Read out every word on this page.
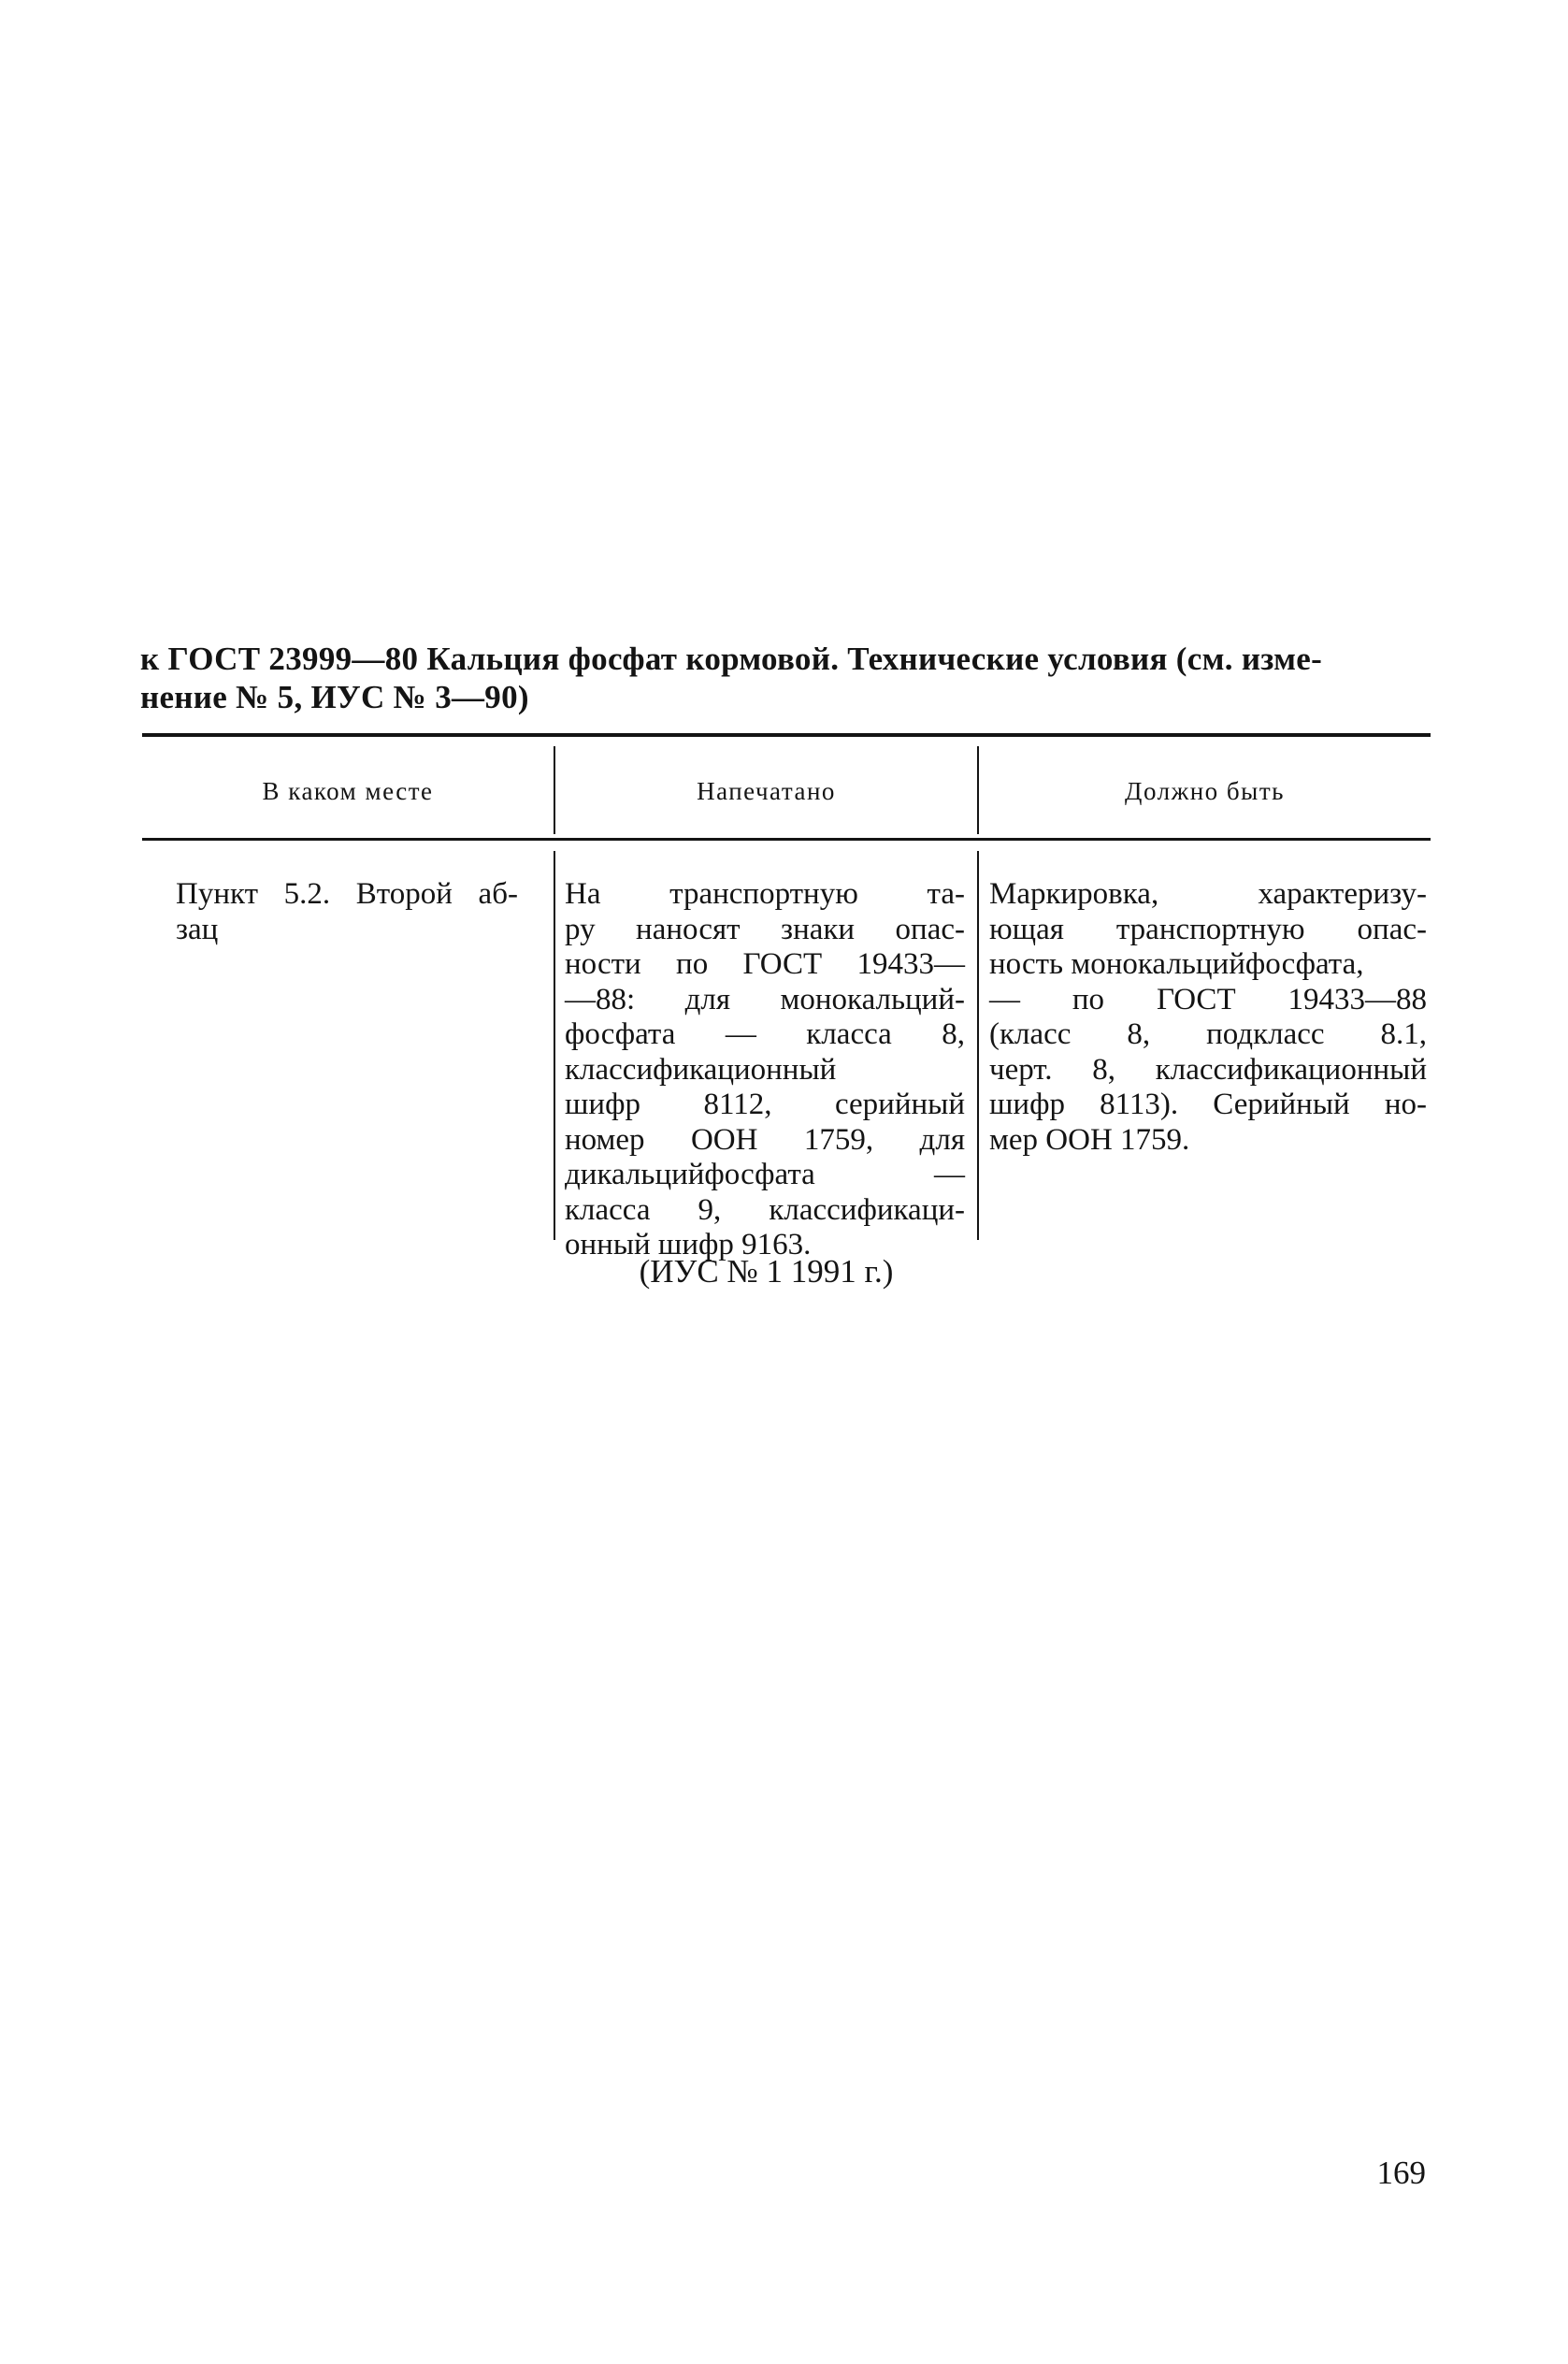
к ГОСТ 23999—80 Кальция фосфат кормовой. Технические условия (см. изме-
нение № 5, ИУС № 3—90)
В каком месте	Напечатано	Должно быть
Пункт 5.2. Второй аб-
зац
На транспортную та-
ру наносят знаки опас-
ности по ГОСТ 19433—
—88: для монокальций-
фосфата — класса 8,
классификационный
шифр 8112, серийный
номер ООН 1759, для
дикальцийфосфата —
класса 9, классификаци-
онный шифр 9163.
Маркировка, характеризу-
ющая транспортную опас-
ность монокальцийфосфата,
— по ГОСТ 19433—88
(класс 8, подкласс 8.1,
черт. 8, классификационный
шифр 8113). Серийный но-
мер ООН 1759.
(ИУС № 1 1991 г.)
169
